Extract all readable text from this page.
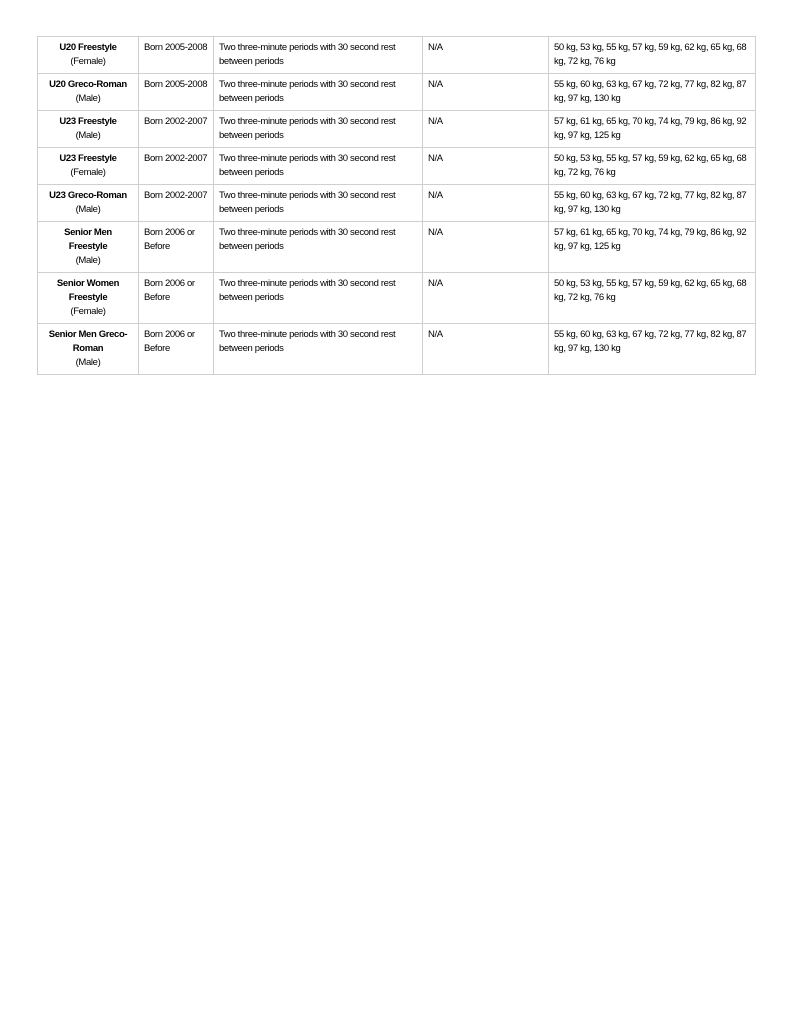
U20 Freestyle
(Female)	Born 2005-2008	Two three-minute periods with 30 second rest between periods	N/A	50 kg, 53 kg, 55 kg, 57 kg, 59 kg, 62 kg, 65 kg, 68 kg, 72 kg, 76 kg

U20 Greco-Roman
(Male)	Born 2005-2008	Two three-minute periods with 30 second rest between periods	N/A	55 kg, 60 kg, 63 kg, 67 kg, 72 kg, 77 kg, 82 kg, 87 kg, 97 kg, 130 kg

U23 Freestyle
(Male)	Born 2002-2007	Two three-minute periods with 30 second rest between periods	N/A	57 kg, 61 kg, 65 kg, 70 kg, 74 kg, 79 kg, 86 kg, 92 kg, 97 kg, 125 kg

U23 Freestyle
(Female)	Born 2002-2007	Two three-minute periods with 30 second rest between periods	N/A	50 kg, 53 kg, 55 kg, 57 kg, 59 kg, 62 kg, 65 kg, 68 kg, 72 kg, 76 kg

U23 Greco-Roman
(Male)	Born 2002-2007	Two three-minute periods with 30 second rest between periods	N/A	55 kg, 60 kg, 63 kg, 67 kg, 72 kg, 77 kg, 82 kg, 87 kg, 97 kg, 130 kg

Senior Men Freestyle
(Male)	Born 2006 or Before	Two three-minute periods with 30 second rest between periods	N/A	57 kg, 61 kg, 65 kg, 70 kg, 74 kg, 79 kg, 86 kg, 92 kg, 97 kg, 125 kg

Senior Women Freestyle
(Female)	Born 2006 or Before	Two three-minute periods with 30 second rest between periods	N/A	50 kg, 53 kg, 55 kg, 57 kg, 59 kg, 62 kg, 65 kg, 68 kg, 72 kg, 76 kg

Senior Men Greco-Roman
(Male)	Born 2006 or Before	Two three-minute periods with 30 second rest between periods	N/A	55 kg, 60 kg, 63 kg, 67 kg, 72 kg, 77 kg, 82 kg, 87 kg, 97 kg, 130 kg
